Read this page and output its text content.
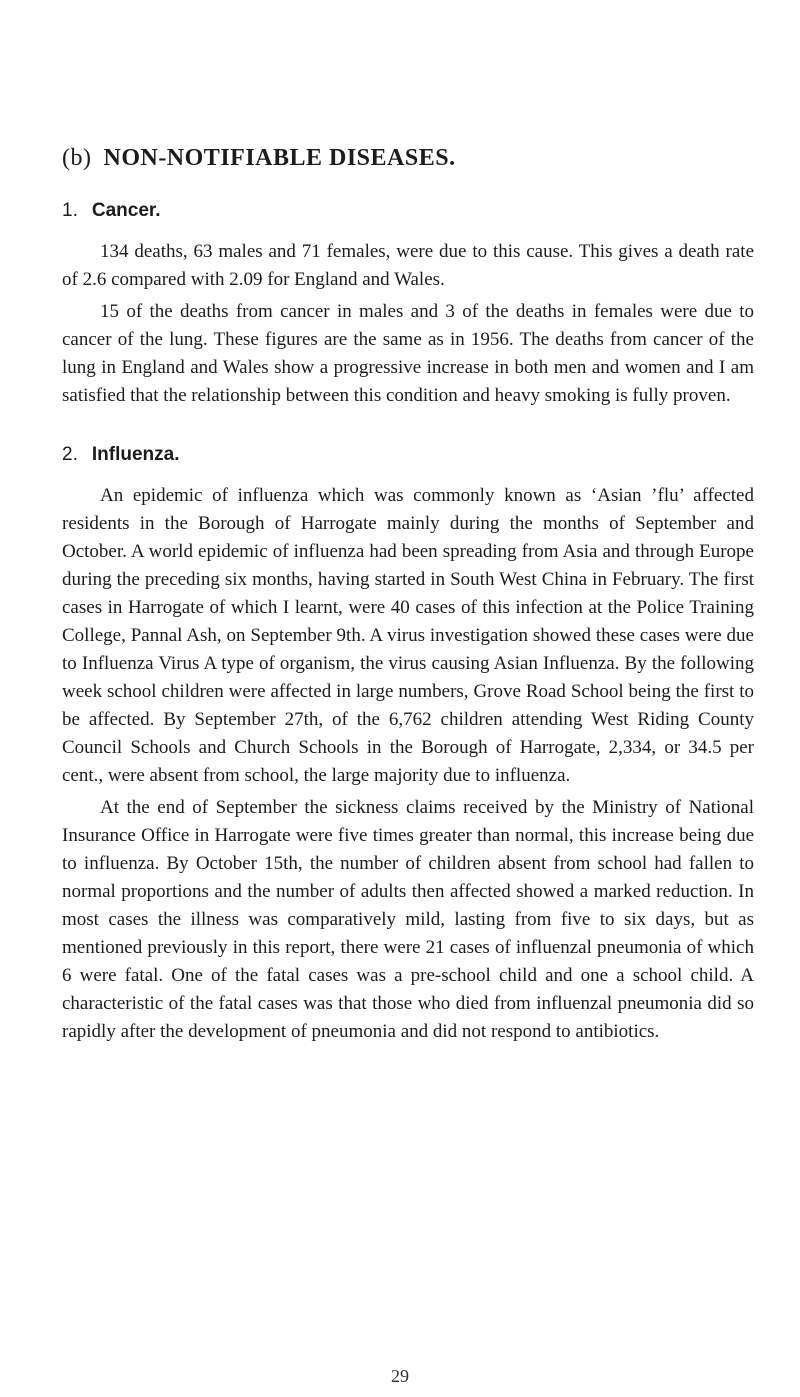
(b) NON-NOTIFIABLE DISEASES.
1. Cancer.

134 deaths, 63 males and 71 females, were due to this cause. This gives a death rate of 2.6 compared with 2.09 for England and Wales.

15 of the deaths from cancer in males and 3 of the deaths in females were due to cancer of the lung. These figures are the same as in 1956. The deaths from cancer of the lung in England and Wales show a progressive increase in both men and women and I am satisfied that the relationship between this condition and heavy smoking is fully proven.

2. Influenza.

An epidemic of influenza which was commonly known as ‘Asian ’flu’ affected residents in the Borough of Harrogate mainly during the months of September and October. A world epidemic of influenza had been spreading from Asia and through Europe during the preceding six months, having started in South West China in February. The first cases in Harrogate of which I learnt, were 40 cases of this infection at the Police Training College, Pannal Ash, on September 9th. A virus investigation showed these cases were due to Influenza Virus A type of organism, the virus causing Asian Influenza. By the following week school children were affected in large numbers, Grove Road School being the first to be affected. By September 27th, of the 6,762 children attending West Riding County Council Schools and Church Schools in the Borough of Harrogate, 2,334, or 34.5 per cent., were absent from school, the large majority due to influenza.

At the end of September the sickness claims received by the Ministry of National Insurance Office in Harrogate were five times greater than normal, this increase being due to influenza. By October 15th, the number of children absent from school had fallen to normal proportions and the number of adults then affected showed a marked reduction. In most cases the illness was comparatively mild, lasting from five to six days, but as mentioned previously in this report, there were 21 cases of influenzal pneumonia of which 6 were fatal. One of the fatal cases was a pre-school child and one a school child. A characteristic of the fatal cases was that those who died from influenzal pneumonia did so rapidly after the development of pneumonia and did not respond to antibiotics.

29
